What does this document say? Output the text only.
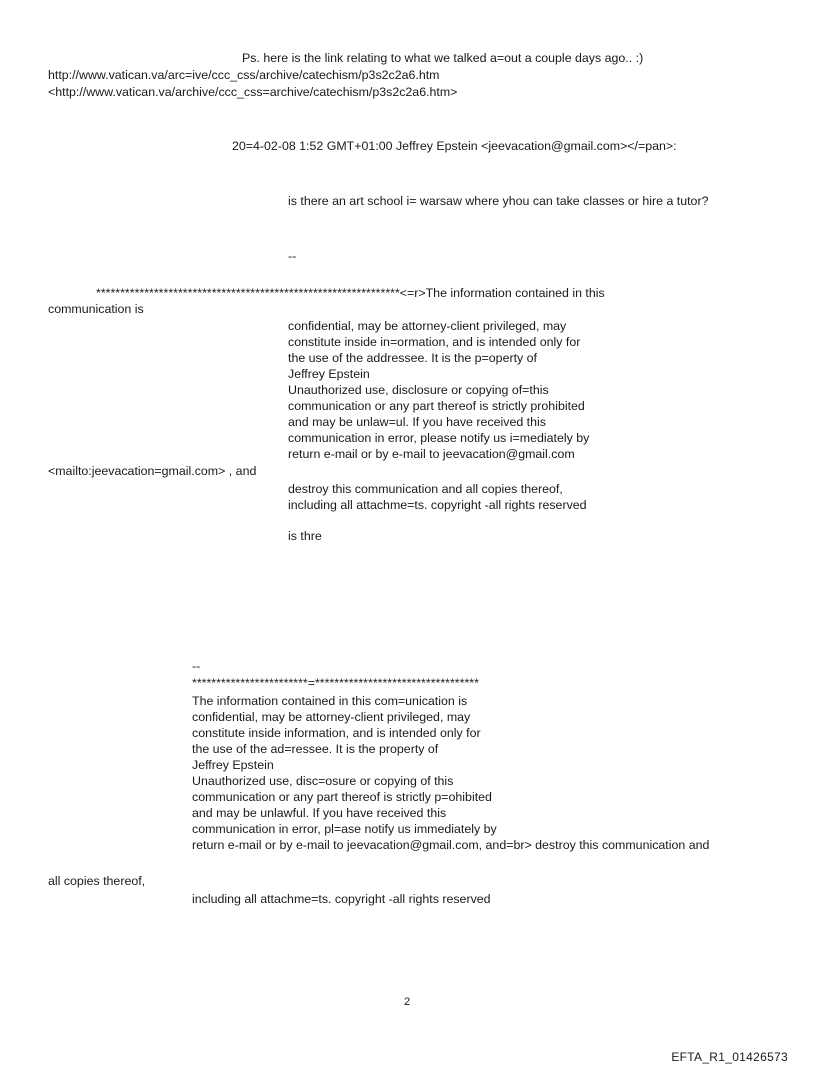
Ps. here is the link relating to what we talked a=out a couple days ago.. :)
http://www.vatican.va/arc=ive/ccc_css/archive/catechism/p3s2c2a6.htm
<http://www.vatican.va/archive/ccc_css=archive/catechism/p3s2c2a6.htm>
20=4-02-08 1:52 GMT+01:00 Jeffrey Epstein <jeevacation@gmail.com></=pan>:
is there an art school i= warsaw where yhou can take classes or hire a tutor?
--
***************************************************************<=r>The information contained in this
communication is
confidential, may be attorney-client privileged, may
constitute inside in=ormation, and is intended only for
the use of the addressee. It is the p=operty of
Jeffrey Epstein
Unauthorized use, disclosure or copying of=this
communication or any part thereof is strictly prohibited
and may be unlaw=ul. If you have received this
communication in error, please notify us i=mediately by
return e-mail or by e-mail to jeevacation@gmail.com
<mailto:jeevacation=gmail.com> , and
destroy this communication and all copies thereof,
including all attachme=ts. copyright -all rights reserved
is thre
--
************************=**********************************
The information contained in this com=unication is
confidential, may be attorney-client privileged, may
constitute inside information, and is intended only for
the use of the ad=ressee. It is the property of
Jeffrey Epstein
Unauthorized use, disc=osure or copying of this
communication or any part thereof is strictly p=ohibited
and may be unlawful. If you have received this
communication in error, pl=ase notify us immediately by
return e-mail or by e-mail to jeevacation@gmail.com, and=br> destroy this communication and
all copies thereof,
including all attachme=ts. copyright -all rights reserved
2
EFTA_R1_01426573
